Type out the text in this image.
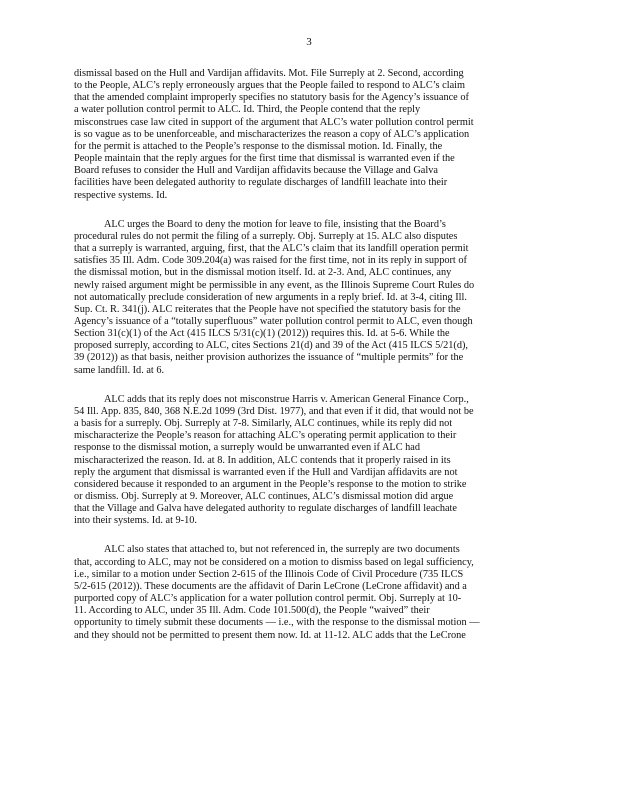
3

dismissal based on the Hull and Vardijan affidavits. Mot. File Surreply at 2. Second, according
to the People, ALC’s reply erroneously argues that the People failed to respond to ALC’s claim
that the amended complaint improperly specifies no statutory basis for the Agency’s issuance of
a water pollution control permit to ALC. Id. Third, the People contend that the reply
misconstrues case law cited in support of the argument that ALC’s water pollution control permit
is so vague as to be unenforceable, and mischaracterizes the reason a copy of ALC’s application
for the permit is attached to the People’s response to the dismissal motion. Id. Finally, the
People maintain that the reply argues for the first time that dismissal is warranted even if the
Board refuses to consider the Hull and Vardijan affidavits because the Village and Galva
facilities have been delegated authority to regulate discharges of landfill leachate into their
respective systems. Id.

ALC urges the Board to deny the motion for leave to file, insisting that the Board’s
procedural rules do not permit the filing of a surreply. Obj. Surreply at 15. ALC also disputes
that a surreply is warranted, arguing, first, that the ALC’s claim that its landfill operation permit
satisfies 35 Ill. Adm. Code 309.204(a) was raised for the first time, not in its reply in support of
the dismissal motion, but in the dismissal motion itself. Id. at 2-3. And, ALC continues, any
newly raised argument might be permissible in any event, as the Illinois Supreme Court Rules do
not automatically preclude consideration of new arguments in a reply brief. Id. at 3-4, citing Ill.
Sup. Ct. R. 341(j). ALC reiterates that the People have not specified the statutory basis for the
Agency’s issuance of a “totally superfluous” water pollution control permit to ALC, even though
Section 31(c)(1) of the Act (415 ILCS 5/31(c)(1) (2012)) requires this. Id. at 5-6. While the
proposed surreply, according to ALC, cites Sections 21(d) and 39 of the Act (415 ILCS 5/21(d),
39 (2012)) as that basis, neither provision authorizes the issuance of “multiple permits” for the
same landfill. Id. at 6.

ALC adds that its reply does not misconstrue Harris v. American General Finance Corp.,
54 Ill. App. 835, 840, 368 N.E.2d 1099 (3rd Dist. 1977), and that even if it did, that would not be
a basis for a surreply. Obj. Surreply at 7-8. Similarly, ALC continues, while its reply did not
mischaracterize the People’s reason for attaching ALC’s operating permit application to their
response to the dismissal motion, a surreply would be unwarranted even if ALC had
mischaracterized the reason. Id. at 8. In addition, ALC contends that it properly raised in its
reply the argument that dismissal is warranted even if the Hull and Vardijan affidavits are not
considered because it responded to an argument in the People’s response to the motion to strike
or dismiss. Obj. Surreply at 9. Moreover, ALC continues, ALC’s dismissal motion did argue
that the Village and Galva have delegated authority to regulate discharges of landfill leachate
into their systems. Id. at 9-10.

ALC also states that attached to, but not referenced in, the surreply are two documents
that, according to ALC, may not be considered on a motion to dismiss based on legal sufficiency,
i.e., similar to a motion under Section 2-615 of the Illinois Code of Civil Procedure (735 ILCS
5/2-615 (2012)). These documents are the affidavit of Darin LeCrone (LeCrone affidavit) and a
purported copy of ALC’s application for a water pollution control permit. Obj. Surreply at 10-
11. According to ALC, under 35 Ill. Adm. Code 101.500(d), the People “waived” their
opportunity to timely submit these documents — i.e., with the response to the dismissal motion —
and they should not be permitted to present them now. Id. at 11-12. ALC adds that the LeCrone
